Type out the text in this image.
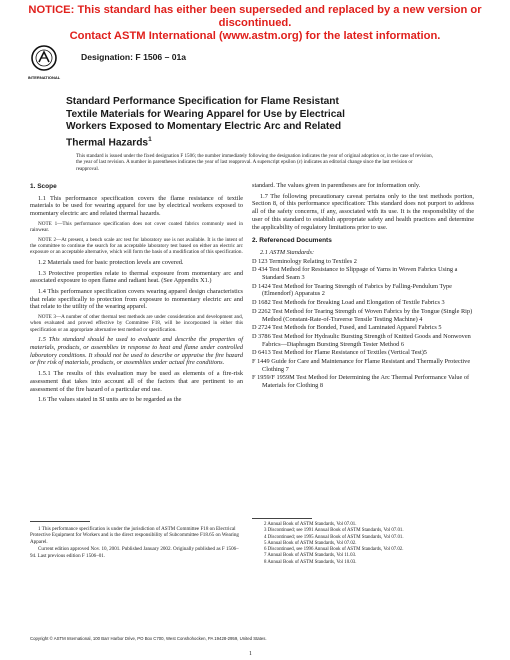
NOTICE: This standard has either been superseded and replaced by a new version or discontinued.
Contact ASTM International (www.astm.org) for the latest information.
INTERNATIONAL
Designation: F 1506 – 01a
Standard Performance Specification for Flame Resistant Textile Materials for Wearing Apparel for Use by Electrical Workers Exposed to Momentary Electric Arc and Related Thermal Hazards$^1$
This standard is issued under the fixed designation F 1506; the number immediately following the designation indicates the year of original adoption or, in the case of revision, the year of last revision. A number in parentheses indicates the year of last reapproval. A superscript epsilon (ε) indicates an editorial change since the last revision or reapproval.
1. Scope

1.1 This performance specification covers the flame resistance of textile materials to be used for wearing apparel for use by electrical workers exposed to momentary electric arc and related thermal hazards.

NOTE 1—This performance specification does not cover coated fabrics commonly used in rainwear.

NOTE 2—At present, a bench scale arc test for laboratory use is not available. It is the intent of the committee to continue the search for an acceptable laboratory test based on either an electric arc exposure or an acceptable alternative, which will form the basis of a modification of this specification.

1.2 Materials used for basic protection levels are covered.

1.3 Protective properties relate to thermal exposure from momentary arc and associated exposure to open flame and radiant heat. (See Appendix X1.)

1.4 This performance specification covers wearing apparel design characteristics that relate specifically to protection from exposure to momentary electric arc and that relate to the utility of the wearing apparel.

NOTE 3—A number of other thermal test methods are under consideration and development and, when evaluated and proved effective by Committee F18, will be incorporated in either this specification or an appropriate alternative test method or specification.

1.5 This standard should be used to evaluate and describe the properties of materials, products, or assemblies in response to heat and flame under controlled laboratory conditions. It should not be used to describe or appraise the fire hazard or fire risk of materials, products, or assemblies under actual fire conditions.

1.5.1 The results of this evaluation may be used as elements of a fire-risk assessment that takes into account all of the factors that are pertinent to an assessment of the fire hazard of a particular end use.

1.6 The values stated in SI units are to be regarded as the

1 This performance specification is under the jurisdiction of ASTM Committee F18 on Electrical Protective Equipment for Workers and is the direct responsibility of Subcommittee F18.65 on Wearing Apparel.

Current edition approved Nov. 10, 2001. Published January 2002. Originally published as F 1506–94. Last previous edition F 1506–01.

standard. The values given in parentheses are for information only.

1.7 The following precautionary caveat pertains only to the test methods portion, Section 8, of this performance specification: This standard does not purport to address all of the safety concerns, if any, associated with its use. It is the responsibility of the user of this standard to establish appropriate safety and health practices and determine the applicability of regulatory limitations prior to use.

2. Referenced Documents
2.1 ASTM Standards:
D 123 Terminology Relating to Textiles 2
D 434 Test Method for Resistance to Slippage of Yarns in Woven Fabrics Using a Standard Seam 3
D 1424 Test Method for Tearing Strength of Fabrics by Falling-Pendulum Type (Elmendorf) Apparatus 2
D 1682 Test Methods for Breaking Load and Elongation of Textile Fabrics 3
D 2262 Test Method for Tearing Strength of Woven Fabrics by the Tongue (Single Rip) Method (Constant-Rate-of-Traverse Tensile Testing Machine) 4
D 2724 Test Methods for Bonded, Fused, and Laminated Apparel Fabrics 5
D 3786 Test Method for Hydraulic Bursting Strength of Knitted Goods and Nonwoven Fabrics—Diaphragm Bursting Strength Tester Method 6
D 6413 Test Method for Flame Resistance of Textiles (Vertical Test)5
F 1449 Guide for Care and Maintenance for Flame Resistant and Thermally Protective Clothing 7
F 1959/F 1959M Test Method for Determining the Arc Thermal Performance Value of Materials for Clothing 8
2 Annual Book of ASTM Standards, Vol 07.01.
3 Discontinued; see 1991 Annual Book of ASTM Standards, Vol 07.01.
4 Discontinued; see 1995 Annual Book of ASTM Standards, Vol 07.01.
5 Annual Book of ASTM Standards, Vol 07.02.
6 Discontinued, see 1996 Annual Book of ASTM Standards, Vol 07.02.
7 Annual Book of ASTM Standards, Vol 11.03.
8 Annual Book of ASTM Standards, Vol 10.03.
Copyright © ASTM International, 100 Barr Harbor Drive, PO Box C700, West Conshohocken, PA 19428-2959, United States.
1
